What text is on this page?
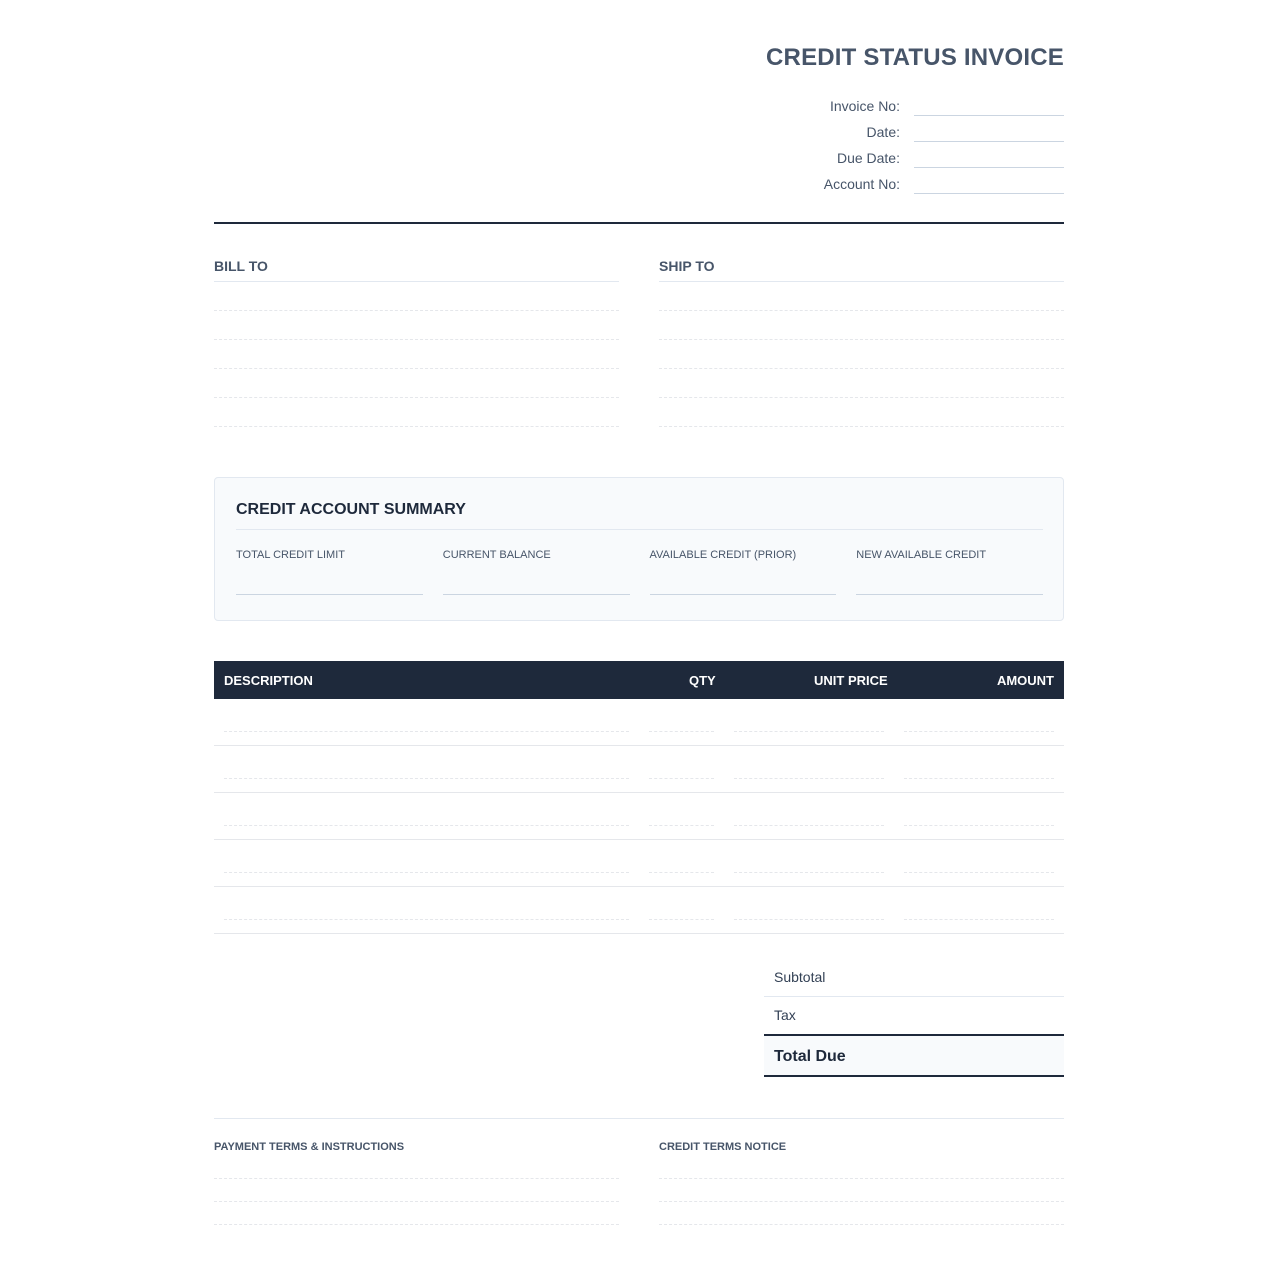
CREDIT STATUS INVOICE
Invoice No:
Date:
Due Date:
Account No:
BILL TO	SHIP TO
CREDIT ACCOUNT SUMMARY
TOTAL CREDIT LIMIT	CURRENT BALANCE	AVAILABLE CREDIT (PRIOR)	NEW AVAILABLE CREDIT
DESCRIPTION	QTY	UNIT PRICE	AMOUNT
Subtotal
Tax
Total Due
PAYMENT TERMS & INSTRUCTIONS	CREDIT TERMS NOTICE
